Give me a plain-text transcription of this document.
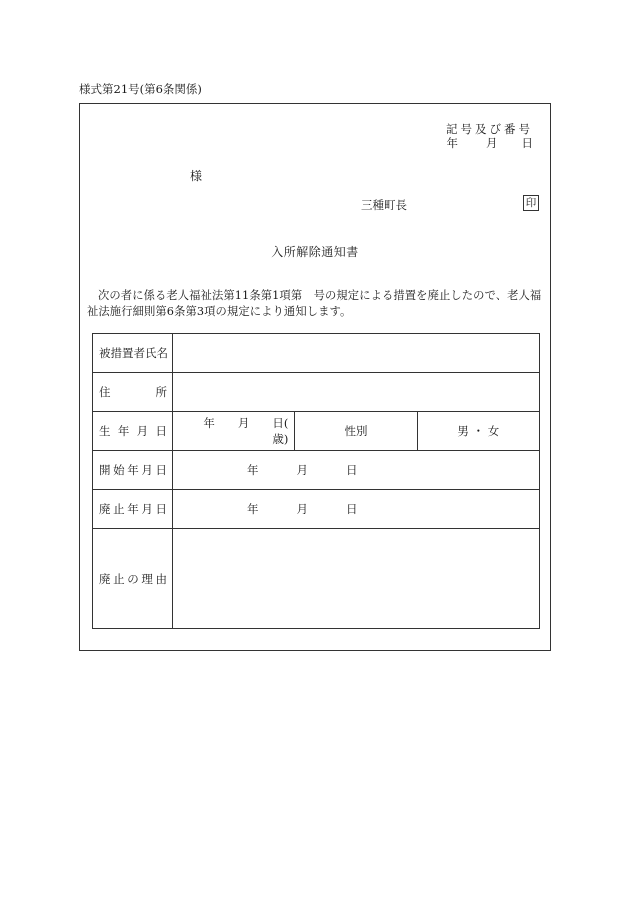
様式第21号(第6条関係)
記号及び番号
年 月 日
様
三種町長	印
入所解除通知書
次の者に係る老人福祉法第11条第1項第　号の規定による措置を廃止したので、老人福祉法施行細則第6条第3項の規定により通知します。
被措置者氏名			

住 所			

生 年 月 日	年　　月　　日(　　歳)	性別	男 ・ 女

開 始 年 月 日	年 月 日		

廃 止 年 月 日	年 月 日		

廃 止 の 理 由			
